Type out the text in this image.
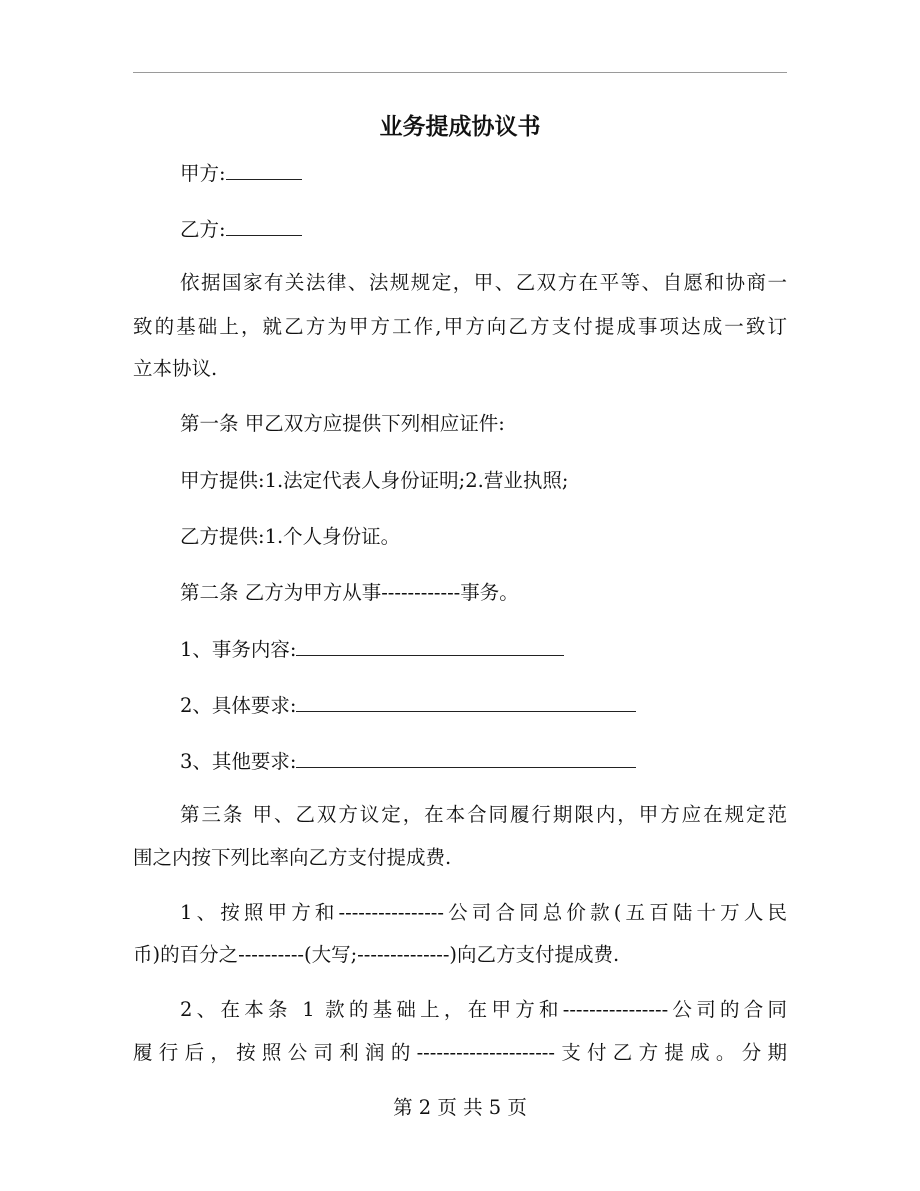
业务提成协议书
甲方:
乙方:
依据国家有关法律、法规规定，甲、乙双方在平等、自愿和协商一
致的基础上，就乙方为甲方工作,甲方向乙方支付提成事项达成一致订
立本协议.
第一条 甲乙双方应提供下列相应证件:
甲方提供:1.法定代表人身份证明;2.营业执照;
乙方提供:1.个人身份证。
第二条 乙方为甲方从事------------事务。
1、事务内容:
2、具体要求:
3、其他要求:
第三条 甲、乙双方议定，在本合同履行期限内，甲方应在规定范
围之内按下列比率向乙方支付提成费.
1、按照甲方和----------------公司合同总价款(五百陆十万人民
币)的百分之----------(大写;--------------)向乙方支付提成费.
2、在本条 1 款的基础上，在甲方和----------------公司的合同
履行后，按照公司利润的---------------------支付乙方提成。分期
第 2 页 共 5 页
